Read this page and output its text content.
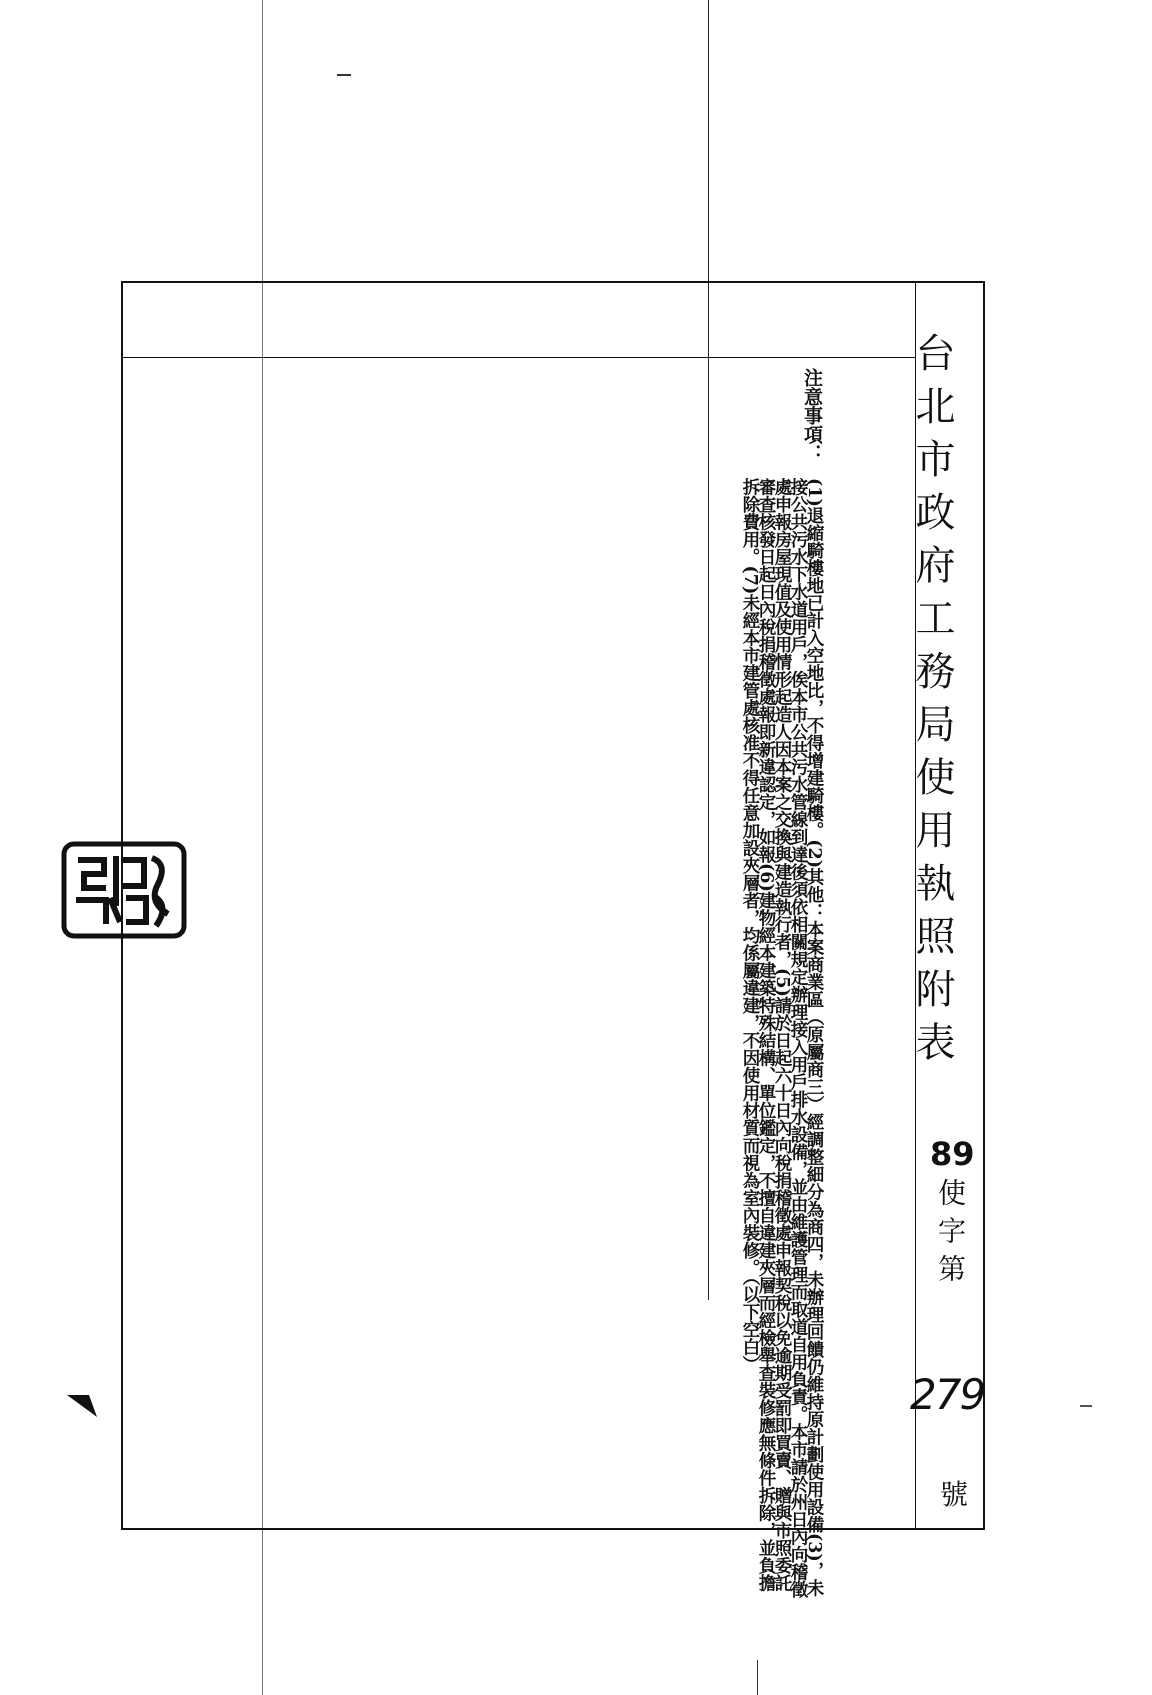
台北市政府工務局使用執照附表
89
使字第
279
號
注意事項：
(1)退縮騎樓地已計入空地比，不得增建騎樓。(2)其他：本案商業區（原屬商三）經調整細分為商四，未辦理回饋仍維持原計劃使用設備(3)，未接公共污水下水道用戶，俟本市公共污水管線到達後須依相關規定辦理接入用戶排水設備，並由維護管理而取道自用負責。本市請於州日內向稽徵處申報房屋現值及使用情形起造人因本案之交換與建造執行者，(5)請於日起六十日內向稅捐稽徵處申報契稅以免逾期受罰即買賣、贈與市照委託審查核發日起日內稅捐稽徵處報即新違認定，如報(6)建物經本建築特殊結構、單位鑑定，不擅自違建夾層而經檢舉查裝修應無條件拆除，並負擔拆除費用。(7)未經本市建管處核准不得任意加設夾層者，均係屬違建，不因使用材質而視為室內裝修。（以下空白）
